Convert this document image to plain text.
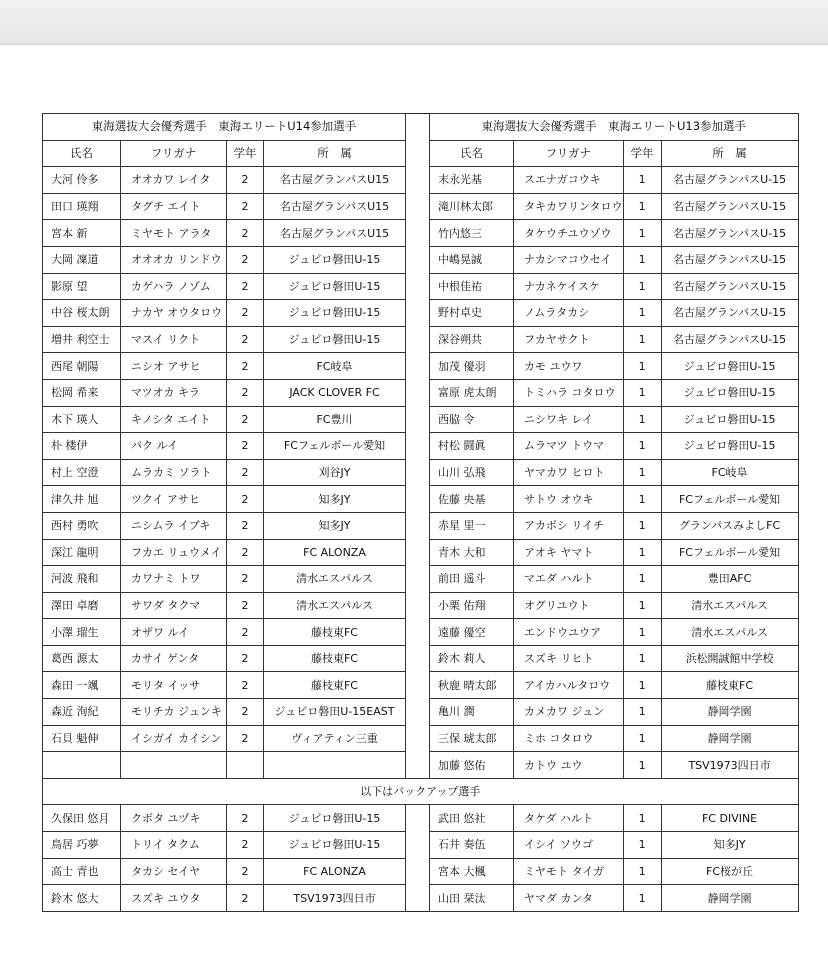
東海選抜大会優秀選手　東海エリートU14参加選手					東海選抜大会優秀選手　東海エリートU13参加選手			
氏名	フリガナ	学年	所　属		氏名	フリガナ	学年	所　属
大河 伶多	オオカワ レイタ	2	名古屋グランパスU15		末永光基	スエナガコウキ	1	名古屋グランパスU-15
田口 瑛翔	タグチ エイト	2	名古屋グランパスU15		滝川林太郎	タキカワリンタロウ	1	名古屋グランパスU-15
宮本 新	ミヤモト アラタ	2	名古屋グランパスU15		竹内悠三	タケウチユウゾウ	1	名古屋グランパスU-15
大岡 凜道	オオオカ リンドウ	2	ジュビロ磐田U-15		中嶋晃誠	ナカシマコウセイ	1	名古屋グランパスU-15
影原 望	カゲハラ ノゾム	2	ジュビロ磐田U-15		中根佳祐	ナカネケイスケ	1	名古屋グランパスU-15
中谷 桜太朗	ナカヤ オウタロウ	2	ジュビロ磐田U-15		野村卓史	ノムラタカシ	1	名古屋グランパスU-15
増井 利空士	マスイ リクト	2	ジュビロ磐田U-15		深谷朔共	フカヤサクト	1	名古屋グランパスU-15
西尾 朝陽	ニシオ アサヒ	2	FC岐阜		加茂 優羽	カモ ユウワ	1	ジュビロ磐田U-15
松岡 希来	マツオカ キラ	2	JACK CLOVER FC		富原 虎太朗	トミハラ コタロウ	1	ジュビロ磐田U-15
木下 瑛人	キノシタ エイト	2	FC豊川		西脇 令	ニシワキ レイ	1	ジュビロ磐田U-15
朴 楼伊	パク ルイ	2	FCフェルボール愛知		村松 闘眞	ムラマツ トウマ	1	ジュビロ磐田U-15
村上 空澄	ムラカミ ソラト	2	刈谷JY		山川 弘飛	ヤマカワ ヒロト	1	FC岐阜
津久井 旭	ツクイ アサヒ	2	知多JY		佐藤 央基	サトウ オウキ	1	FCフェルボール愛知
西村 勇吹	ニシムラ イブキ	2	知多JY		赤星 里一	アカボシ リイチ	1	グランパスみよしFC
深江 龍明	フカエ リュウメイ	2	FC ALONZA		青木 大和	アオキ ヤマト	1	FCフェルボール愛知
河波 飛和	カワナミ トワ	2	清水エスパルス		前田 遥斗	マエダ ハルト	1	豊田AFC
澤田 卓磨	サワダ タクマ	2	清水エスパルス		小栗 佑翔	オグリユウト	1	清水エスパルス
小澤 瑠生	オザワ ルイ	2	藤枝東FC		遠藤 優空	エンドウユウア	1	清水エスパルス
葛西 源太	カサイ ゲンタ	2	藤枝東FC		鈴木 莉人	スズキ リヒト	1	浜松開誠館中学校
森田 一颯	モリタ イッサ	2	藤枝東FC		秋鹿 晴太郎	アイカハルタロウ	1	藤枝東FC
森近 洵紀	モリチカ ジュンキ	2	ジュビロ磐田U-15EAST		亀川 潤	カメカワ ジュン	1	静岡学園
石貝 魁伸	イシガイ カイシン	2	ヴィアティン三重		三保 琥太郎	ミホ コタロウ	1	静岡学園
					加藤 悠佑	カトウ ユウ	1	TSV1973四日市
以下はバックアップ選手								
久保田 悠月	クボタ ユヅキ	2	ジュビロ磐田U-15		武田 悠社	タケダ ハルト	1	FC DIVINE
鳥居 巧夢	トリイ タクム	2	ジュビロ磐田U-15		石井 奏伍	イシイ ソウゴ	1	知多JY
高士 青也	タカシ セイヤ	2	FC ALONZA		宮本 大楓	ミヤモト タイガ	1	FC桜が丘
鈴木 悠大	スズキ ユウタ	2	TSV1973四日市		山田 栞汰	ヤマダ カンタ	1	静岡学園
